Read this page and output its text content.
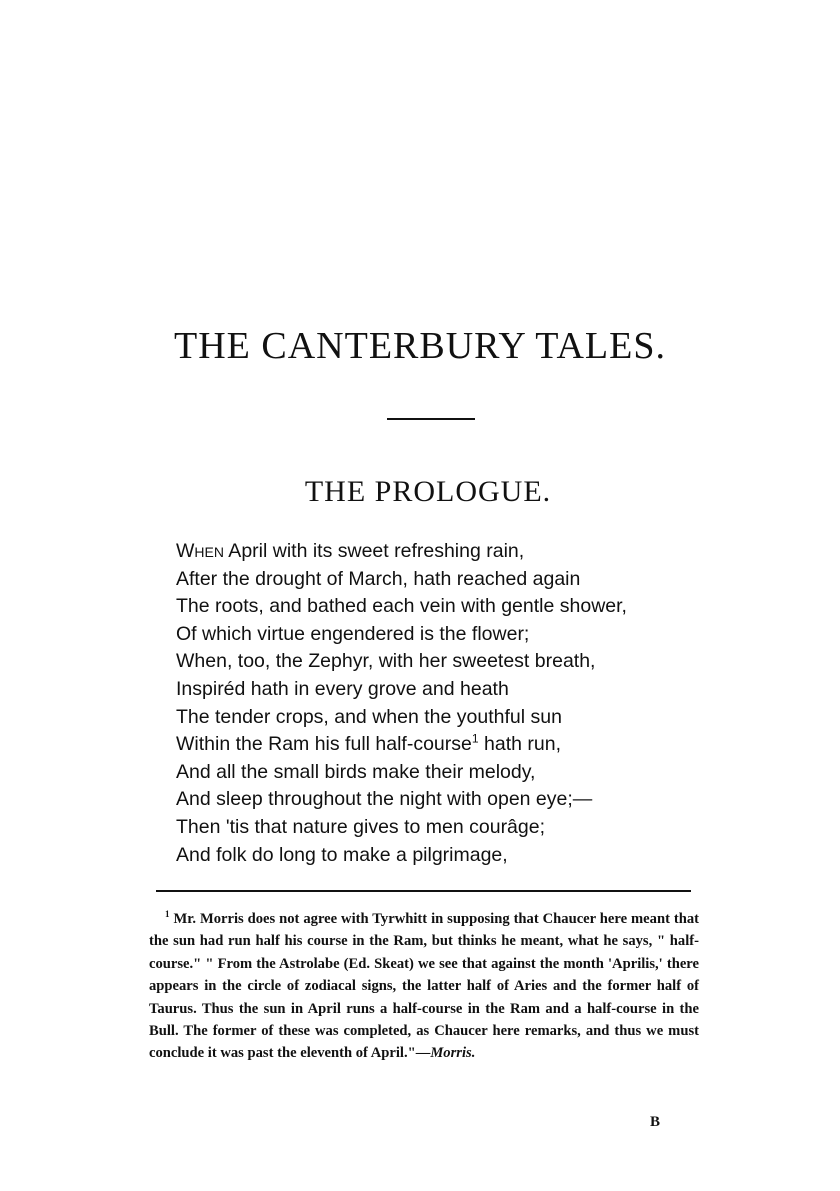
THE CANTERBURY TALES.
THE PROLOGUE.
When April with its sweet refreshing rain,
After the drought of March, hath reached again
The roots, and bathed each vein with gentle shower,
Of which virtue engendered is the flower;
When, too, the Zephyr, with her sweetest breath,
Inspiréd hath in every grove and heath
The tender crops, and when the youthful sun
Within the Ram his full half-course$^1$ hath run,
And all the small birds make their melody,
And sleep throughout the night with open eye;—
Then 'tis that nature gives to men courâge;
And folk do long to make a pilgrimage,

$^1$ Mr. Morris does not agree with Tyrwhitt in supposing that Chaucer here meant that the sun had run half his course in the Ram, but thinks he meant, what he says, " half-course." " From the Astrolabe (Ed. Skeat) we see that against the month 'Aprilis,' there appears in the circle of zodiacal signs, the latter half of Aries and the former half of Taurus. Thus the sun in April runs a half-course in the Ram and a half-course in the Bull. The former of these was completed, as Chaucer here remarks, and thus we must conclude it was past the eleventh of April."—Morris.

B
